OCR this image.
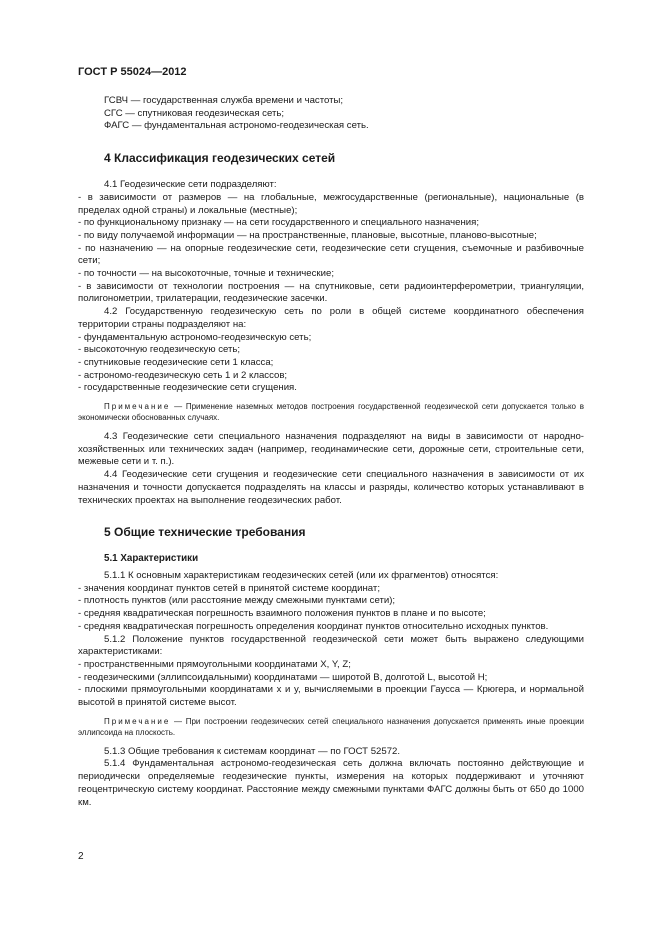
ГОСТ Р 55024—2012

ГСВЧ — государственная служба времени и частоты;

СГС — спутниковая геодезическая сеть;

ФАГС — фундаментальная астрономо-геодезическая сеть.

4 Классификация геодезических сетей

4.1 Геодезические сети подразделяют:

- в зависимости от размеров — на глобальные, межгосударственные (региональные), национальные (в пределах одной страны) и локальные (местные);

- по функциональному признаку — на сети государственного и специального назначения;

- по виду получаемой информации — на пространственные, плановые, высотные, планово-высотные;

- по назначению — на опорные геодезические сети, геодезические сети сгущения, съемочные и разбивочные сети;

- по точности — на высокоточные, точные и технические;

- в зависимости от технологии построения — на спутниковые, сети радиоинтерферометрии, триангуляции, полигонометрии, трилатерации, геодезические засечки.

4.2 Государственную геодезическую сеть по роли в общей системе координатного обеспечения территории страны подразделяют на:

- фундаментальную астрономо-геодезическую сеть;

- высокоточную геодезическую сеть;

- спутниковые геодезические сети 1 класса;

- астрономо-геодезическую сеть 1 и 2 классов;

- государственные геодезические сети сгущения.

Примечание — Применение наземных методов построения государственной геодезической сети допускается только в экономически обоснованных случаях.

4.3 Геодезические сети специального назначения подразделяют на виды в зависимости от народно-хозяйственных или технических задач (например, геодинамические сети, дорожные сети, строительные сети, межевые сети и т. п.).

4.4 Геодезические сети сгущения и геодезические сети специального назначения в зависимости от их назначения и точности допускается подразделять на классы и разряды, количество которых устанавливают в технических проектах на выполнение геодезических работ.

5 Общие технические требования
5.1 Характеристики

5.1.1 К основным характеристикам геодезических сетей (или их фрагментов) относятся:

- значения координат пунктов сетей в принятой системе координат;

- плотность пунктов (или расстояние между смежными пунктами сети);

- средняя квадратическая погрешность взаимного положения пунктов в плане и по высоте;

- средняя квадратическая погрешность определения координат пунктов относительно исходных пунктов.

5.1.2 Положение пунктов государственной геодезической сети может быть выражено следующими характеристиками:

- пространственными прямоугольными координатами X, Y, Z;

- геодезическими (эллипсоидальными) координатами — широтой B, долготой L, высотой H;

- плоскими прямоугольными координатами x и y, вычисляемыми в проекции Гаусса — Крюгера, и нормальной высотой в принятой системе высот.

Примечание — При построении геодезических сетей специального назначения допускается применять иные проекции эллипсоида на плоскость.

5.1.3 Общие требования к системам координат — по ГОСТ 52572.

5.1.4 Фундаментальная астрономо-геодезическая сеть должна включать постоянно действующие и периодически определяемые геодезические пункты, измерения на которых поддерживают и уточняют геоцентрическую систему координат. Расстояние между смежными пунктами ФАГС должны быть от 650 до 1000 км.

2
